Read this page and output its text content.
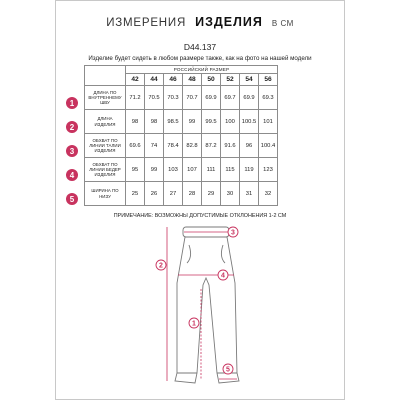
ИЗМЕРЕНИЯ ИЗДЕЛИЯ В СМ
D44.137
Изделие будет сидеть в любом размере также, как на фото на нашей модели
1
2
3
4
5
	РОССИЙСКИЙ РАЗМЕР							
	42	44	46	48	50	52	54	56
ДЛИНА ПО ВНУТРЕННЕМУ ШВУ	71.2	70.5	70.3	70.7	69.9	69.7	69.9	69.3
ДЛИНА ИЗДЕЛИЯ	98	98	98.5	99	99.5	100	100.5	101
ОБХВАТ ПО ЛИНИИ ТАЛИИ ИЗДЕЛИЯ	69.6	74	78.4	82.8	87.2	91.6	96	100.4
ОБХВАТ ПО ЛИНИИ БЕДЕР ИЗДЕЛИЯ	95	99	103	107	111	115	119	123
ШИРИНА ПО НИЗУ	25	26	27	28	29	30	31	32
ПРИМЕЧАНИЕ: ВОЗМОЖНЫ ДОПУСТИМЫЕ ОТКЛОНЕНИЯ 1-2 СМ
3
2
4
1
5
